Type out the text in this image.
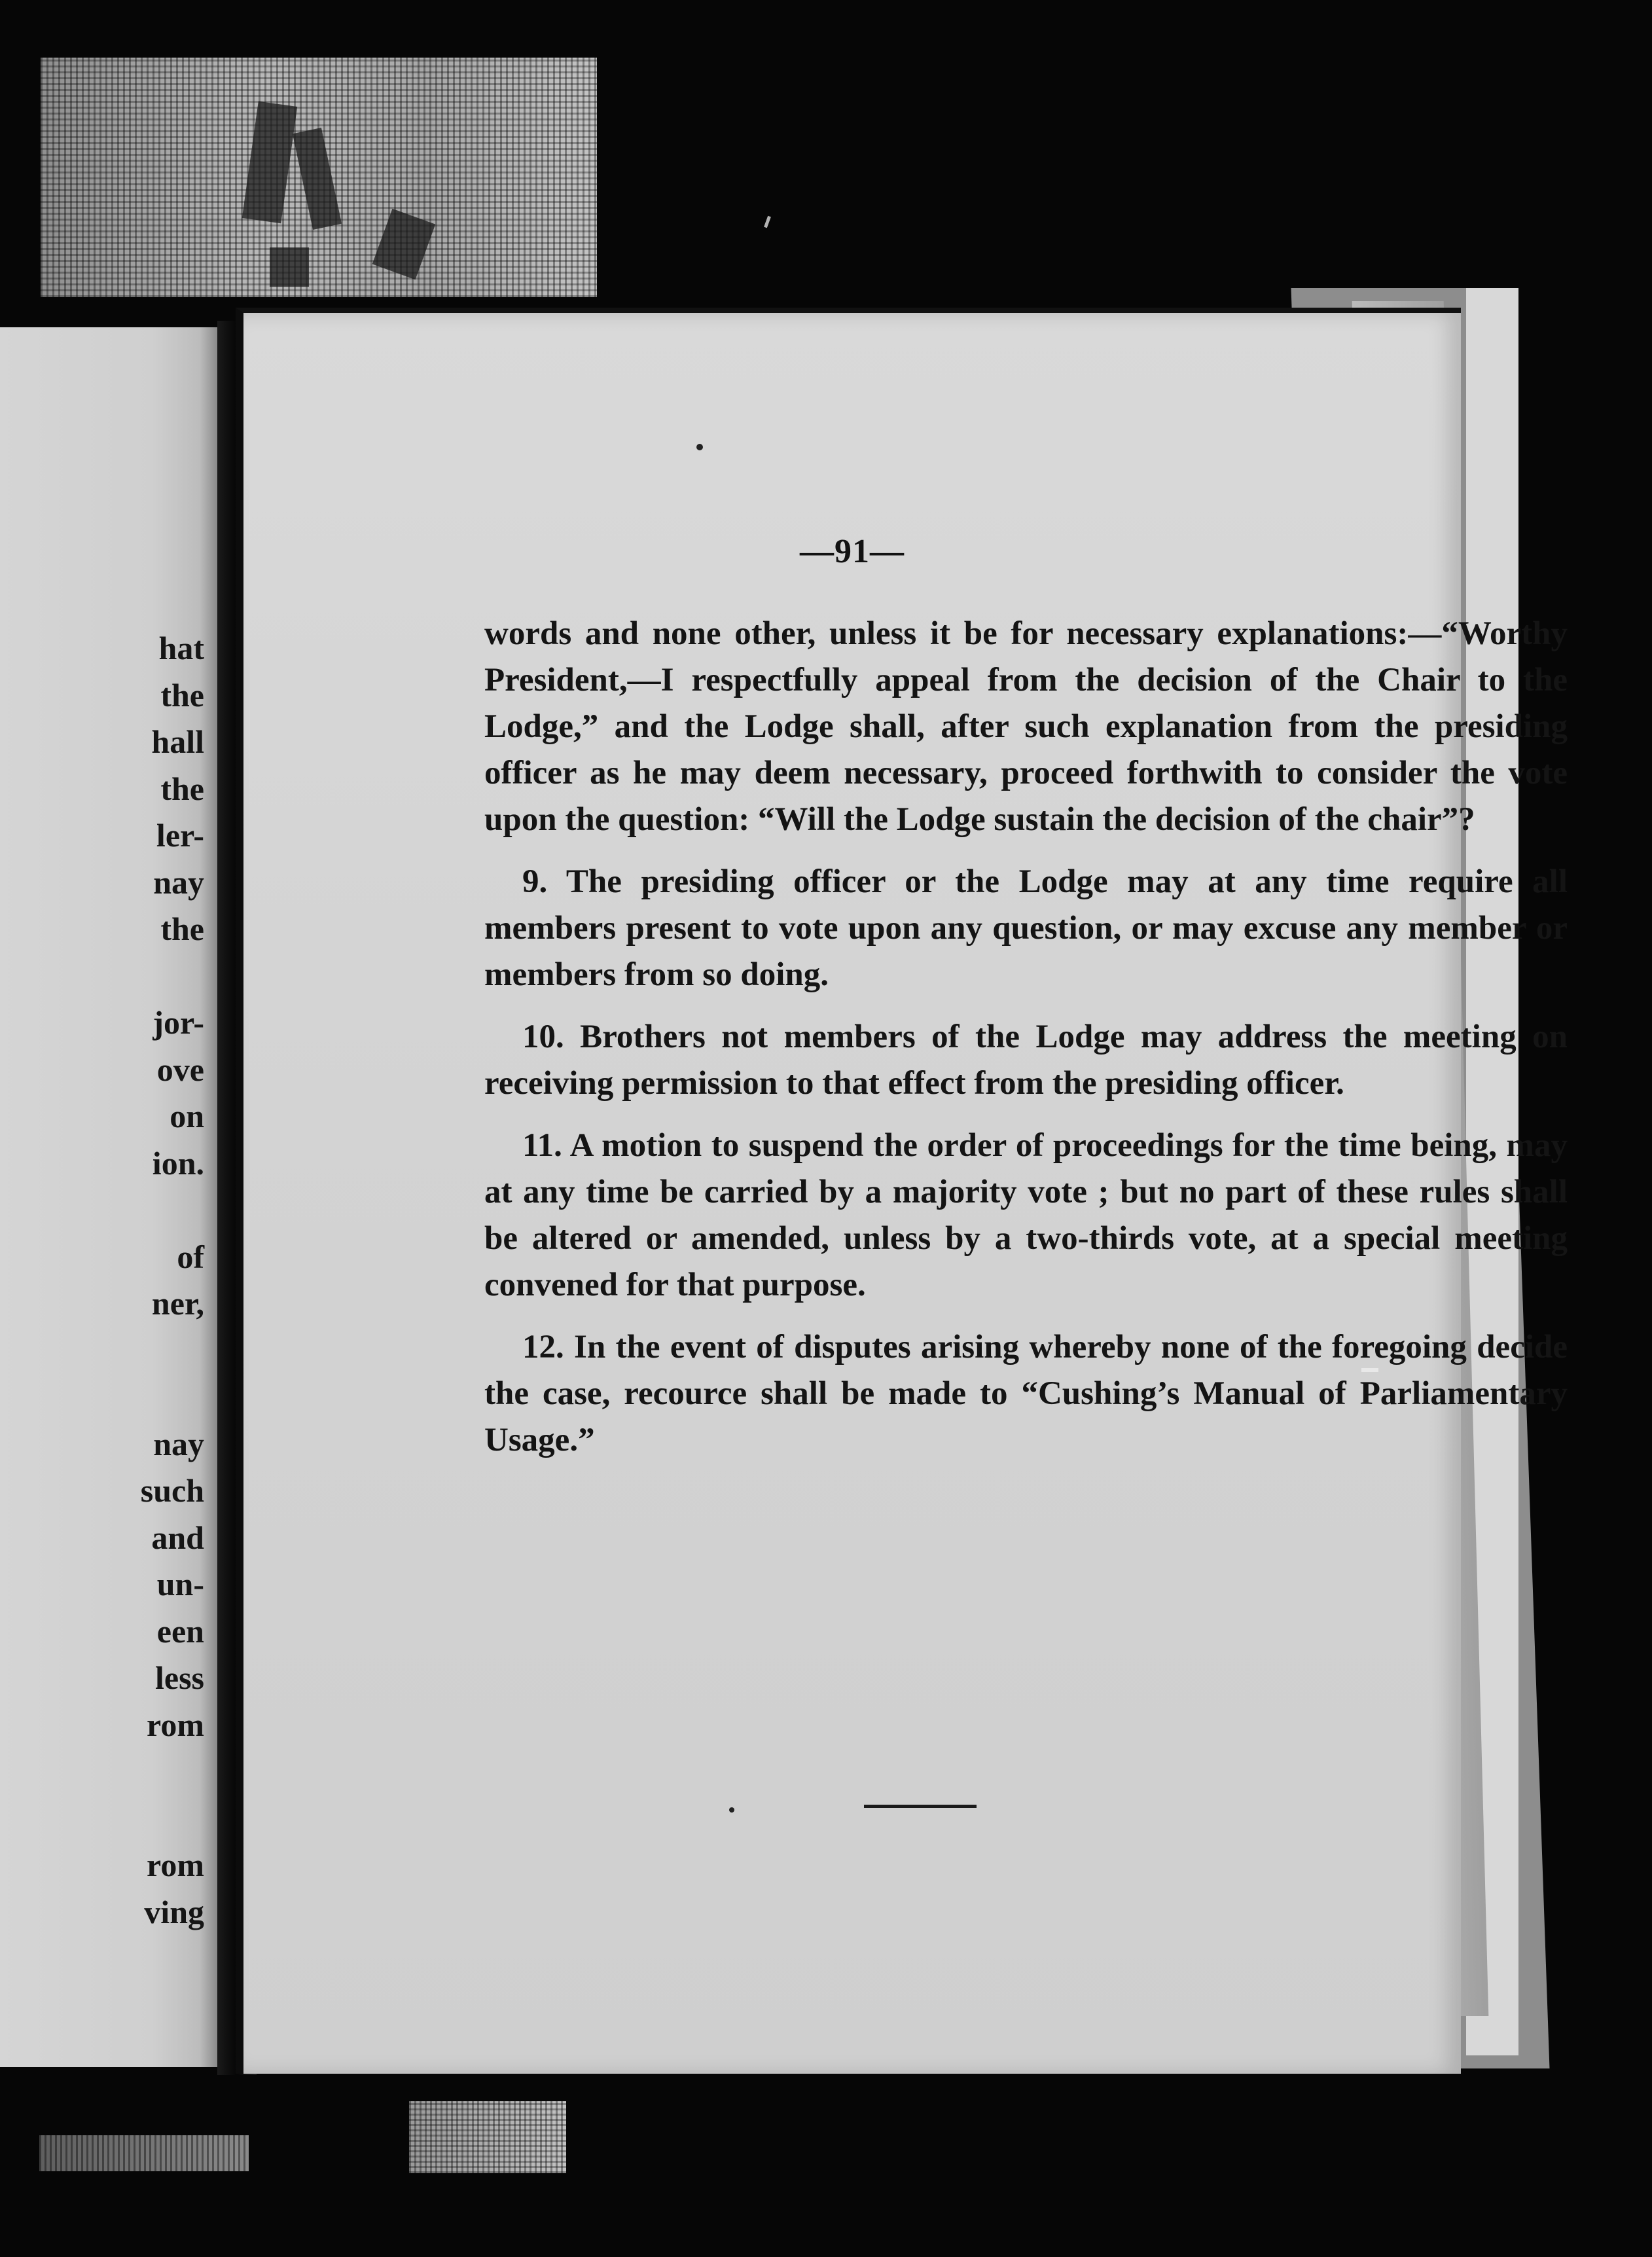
hat
the
hall
the
ler-
nay
the
jor-
ove
on
ion.
of
ner,
nay
such
and
un-
een
less
rom
rom
ving
—91—

words and none other, unless it be for necessary explanations:—“Worthy President,—I respectfully appeal from the decision of the Chair to the Lodge,” and the Lodge shall, after such explanation from the presiding officer as he may deem necessary, proceed forthwith to consider the vote upon the question: “Will the Lodge sustain the decision of the chair”?

9. The presiding officer or the Lodge may at any time require all members present to vote upon any question, or may excuse any member or members from so doing.

10. Brothers not members of the Lodge may address the meeting on receiving permission to that effect from the presiding officer.

11. A motion to suspend the order of proceedings for the time being, may at any time be carried by a majority vote ; but no part of these rules shall be altered or amended, unless by a two-thirds vote, at a special meeting convened for that purpose.

12. In the event of disputes arising whereby none of the foregoing decide the case, recource shall be made to “Cushing’s Manual of Parliamentary Usage.”
